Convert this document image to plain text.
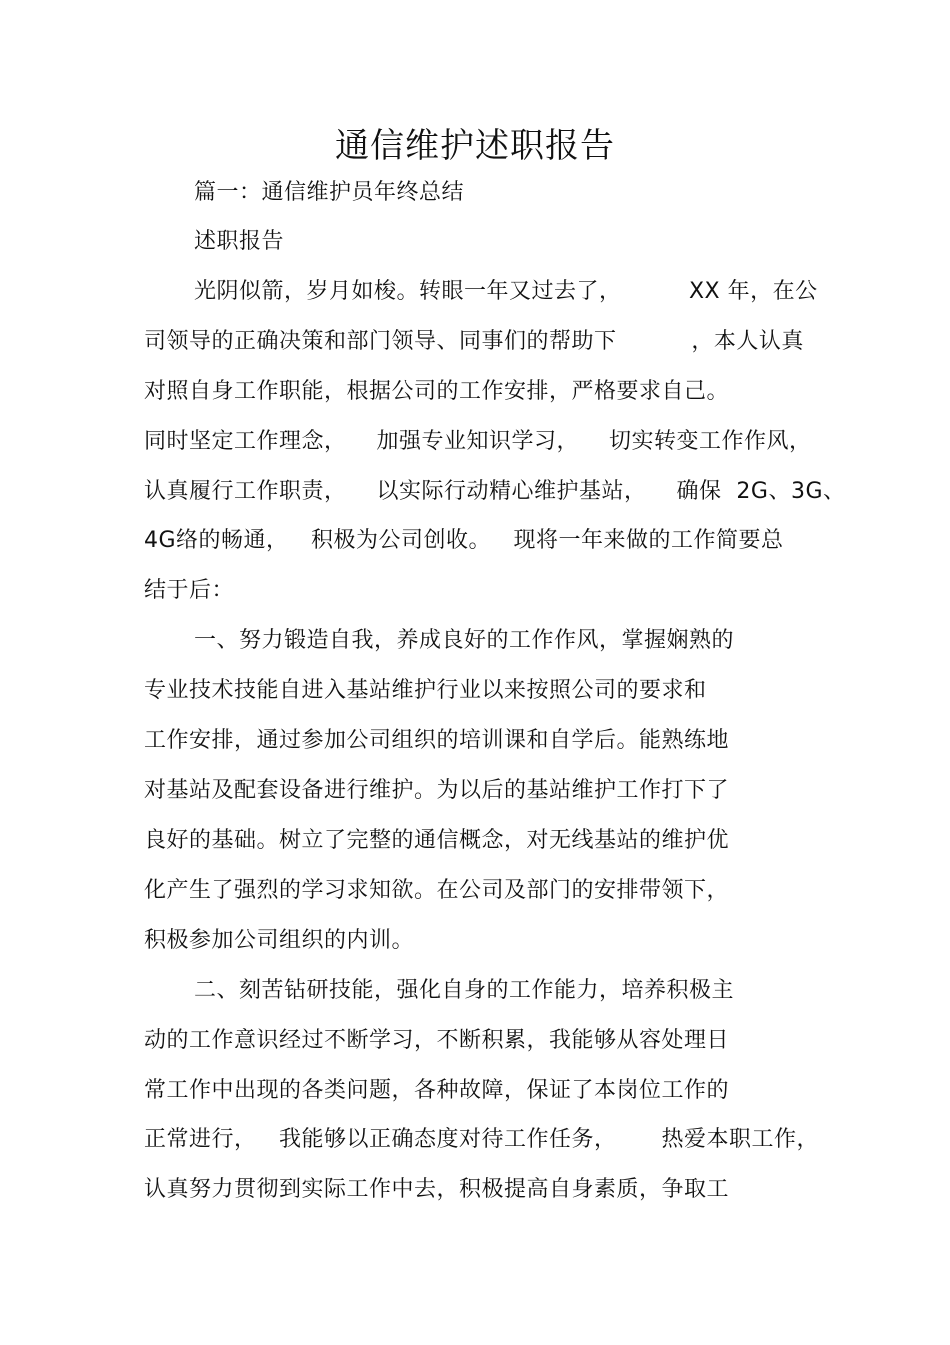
通信维护述职报告
篇一：通信维护员年终总结
述职报告
光阴似箭，岁月如梭。转眼一年又过去了，         XX 年，在公
司领导的正确决策和部门领导、同事们的帮助下          ，本人认真
对照自身工作职能，根据公司的工作安排，严格要求自己。
同时坚定工作理念，    加强专业知识学习，    切实转变工作作风，
认真履行工作职责，    以实际行动精心维护基站，    确保  2G、3G、
4G络的畅通，   积极为公司创收。   现将一年来做的工作简要总
结于后：
一、努力锻造自我，养成良好的工作作风，掌握娴熟的
专业技术技能自进入基站维护行业以来按照公司的要求和
工作安排，通过参加公司组织的培训课和自学后。能熟练地
对基站及配套设备进行维护。为以后的基站维护工作打下了
良好的基础。树立了完整的通信概念，对无线基站的维护优
化产生了强烈的学习求知欲。在公司及部门的安排带领下，
积极参加公司组织的内训。
二、刻苦钻研技能，强化自身的工作能力，培养积极主
动的工作意识经过不断学习，不断积累，我能够从容处理日
常工作中出现的各类问题，各种故障，保证了本岗位工作的
正常进行，   我能够以正确态度对待工作任务，      热爱本职工作，
认真努力贯彻到实际工作中去，积极提高自身素质，争取工
